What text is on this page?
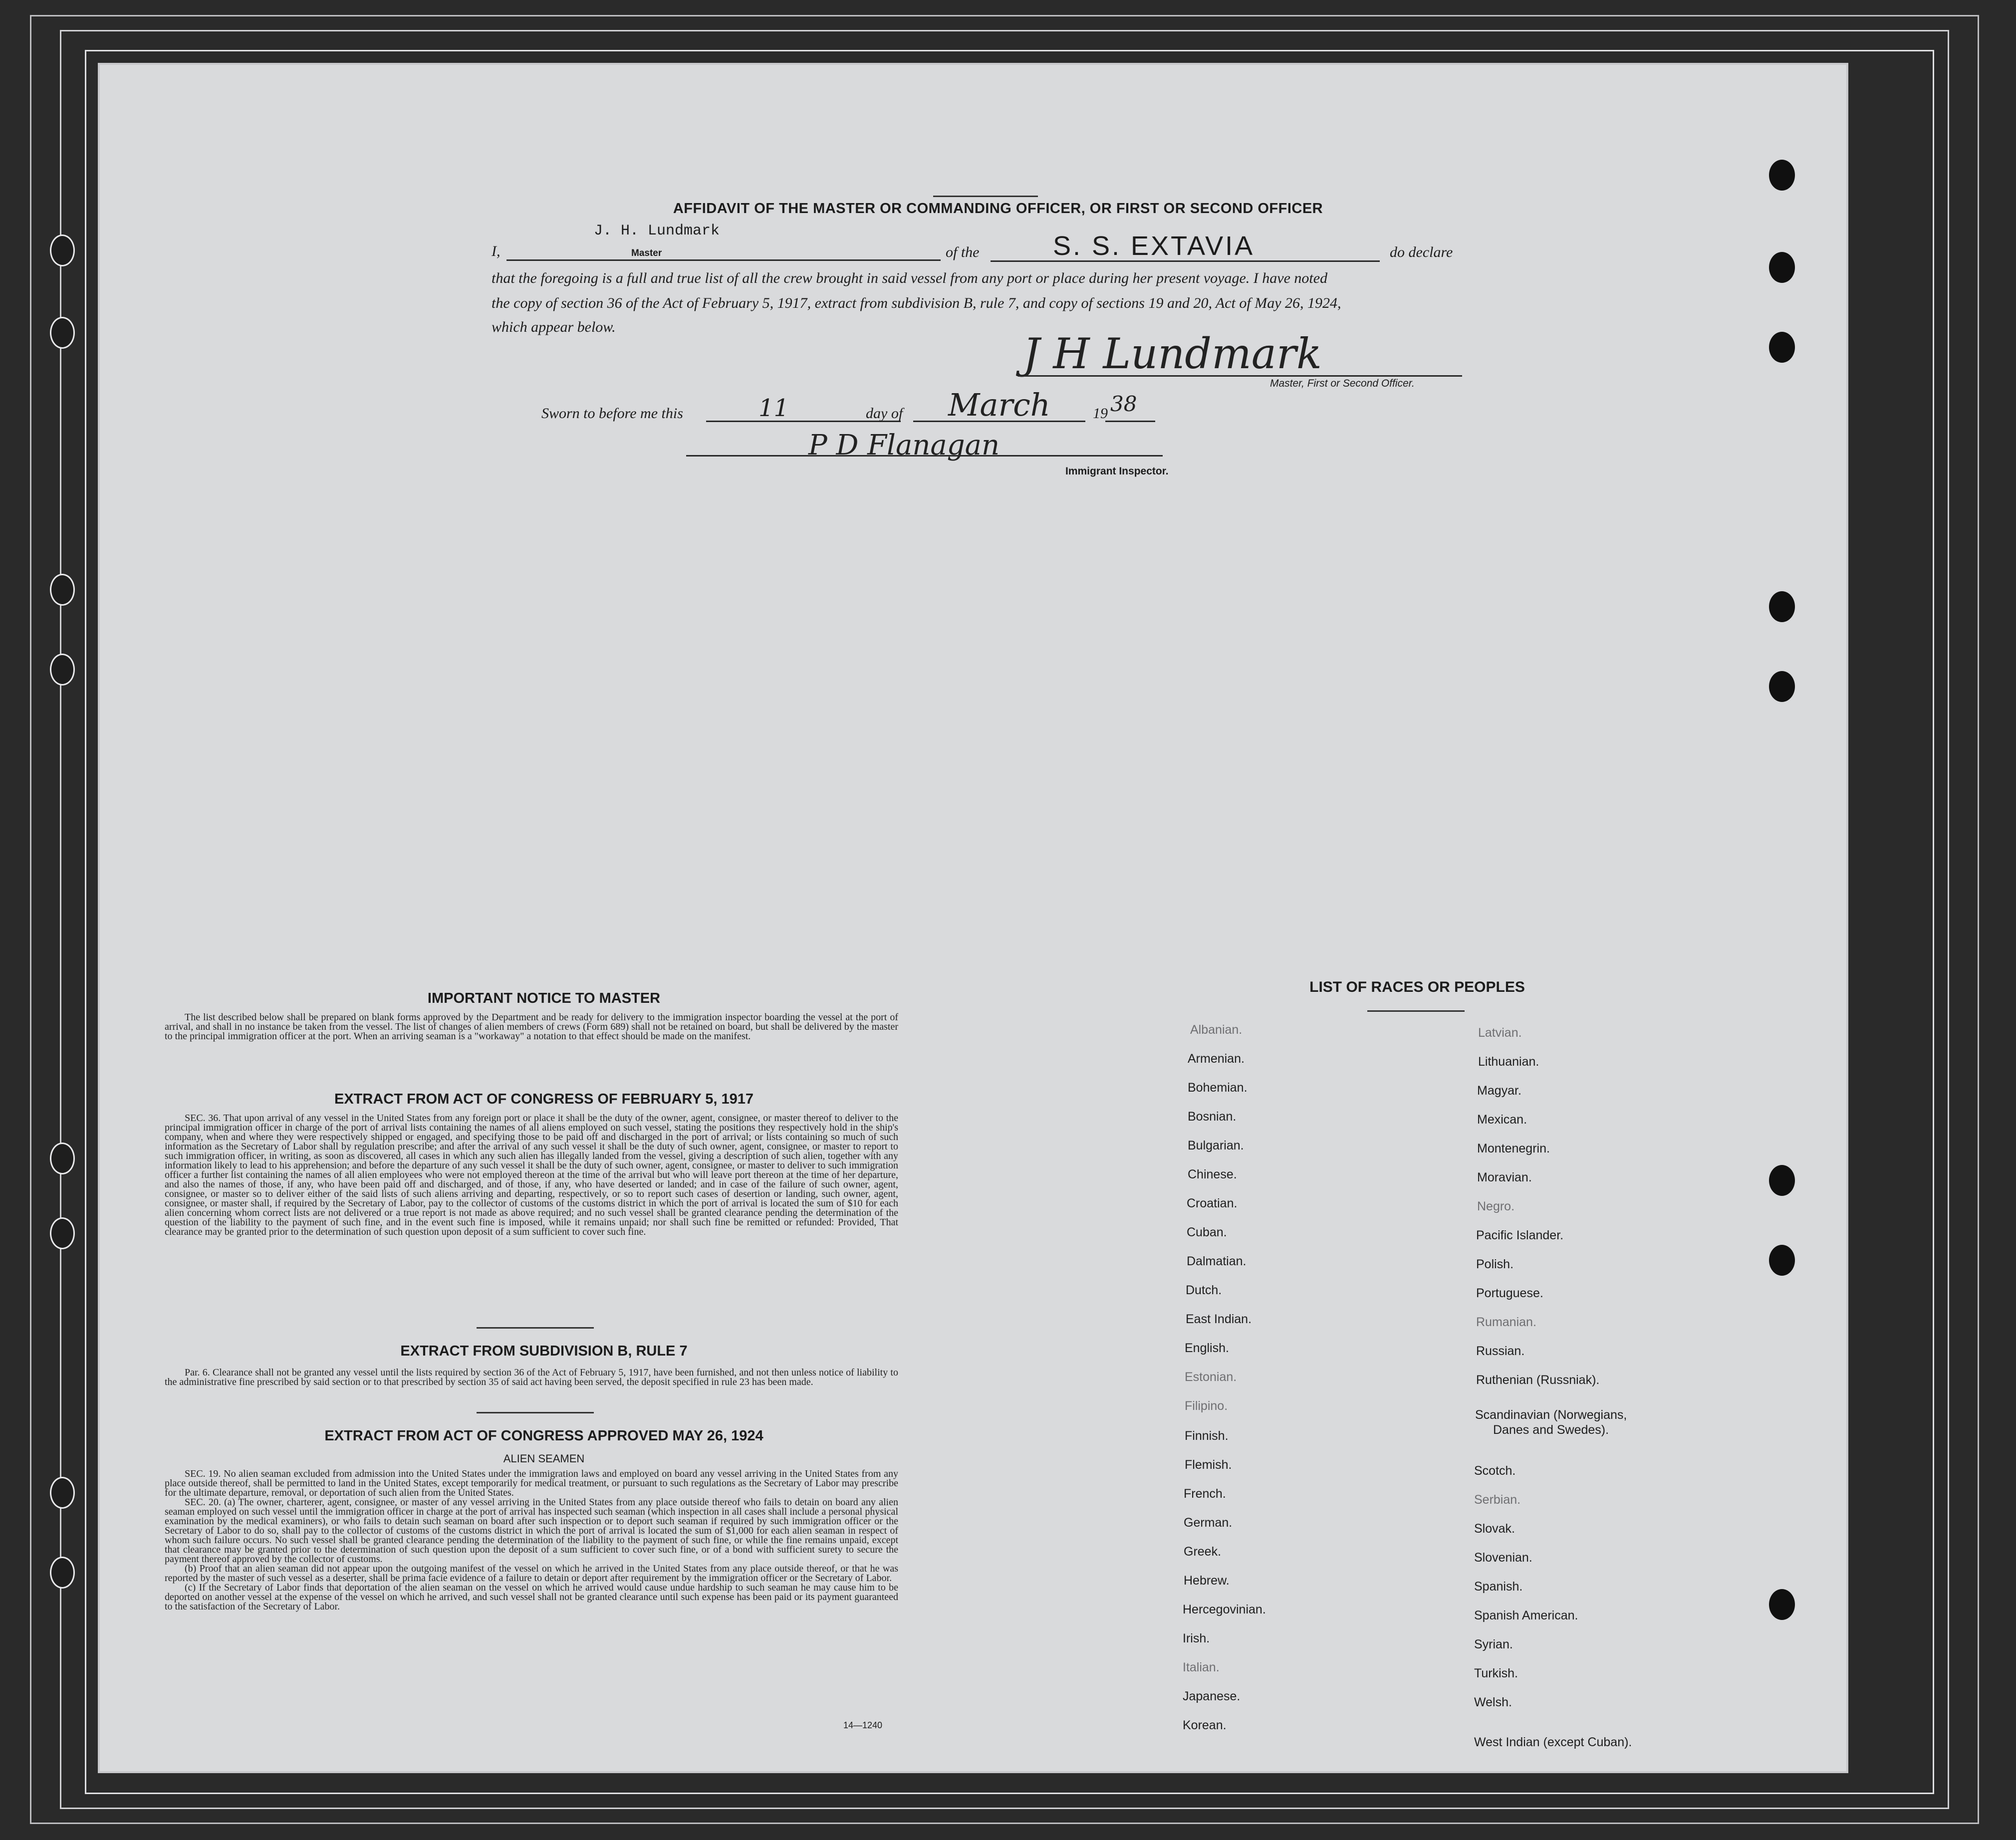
AFFIDAVIT OF THE MASTER OR COMMANDING OFFICER, OR FIRST OR SECOND OFFICER
I,
J. H. Lundmark
Master	of the	S. S. EXTAVIA	do declare
that the foregoing is a full and true list of all the crew brought in said vessel from any port or place during her present voyage. I have noted
the copy of section 36 of the Act of February 5, 1917, extract from subdivision B, rule 7, and copy of sections 19 and 20, Act of May 26, 1924,
which appear below.
J H Lundmark
Master, First or Second Officer.
Sworn to before me this	11	day of March	19 38
P D Flanagan
Immigrant Inspector.
IMPORTANT NOTICE TO MASTER

The list described below shall be prepared on blank forms approved by the Department and be ready for delivery to the immigration inspector boarding the vessel at the port of arrival, and shall in no instance be taken from the vessel. The list of changes of alien members of crews (Form 689) shall not be retained on board, but shall be delivered by the master to the principal immigration officer at the port. When an arriving seaman is a "workaway" a notation to that effect should be made on the manifest.

EXTRACT FROM ACT OF CONGRESS OF FEBRUARY 5, 1917

SEC. 36. That upon arrival of any vessel in the United States from any foreign port or place it shall be the duty of the owner, agent, consignee, or master thereof to deliver to the principal immigration officer in charge of the port of arrival lists containing the names of all aliens employed on such vessel, stating the positions they respectively hold in the ship's company, when and where they were respectively shipped or engaged, and specifying those to be paid off and discharged in the port of arrival; or lists containing so much of such information as the Secretary of Labor shall by regulation prescribe; and after the arrival of any such vessel it shall be the duty of such owner, agent, consignee, or master to report to such immigration officer, in writing, as soon as discovered, all cases in which any such alien has illegally landed from the vessel, giving a description of such alien, together with any information likely to lead to his apprehension; and before the departure of any such vessel it shall be the duty of such owner, agent, consignee, or master to deliver to such immigration officer a further list containing the names of all alien employees who were not employed thereon at the time of the arrival but who will leave port thereon at the time of her departure, and also the names of those, if any, who have been paid off and discharged, and of those, if any, who have deserted or landed; and in case of the failure of such owner, agent, consignee, or master so to deliver either of the said lists of such aliens arriving and departing, respectively, or so to report such cases of desertion or landing, such owner, agent, consignee, or master shall, if required by the Secretary of Labor, pay to the collector of customs of the customs district in which the port of arrival is located the sum of $10 for each alien concerning whom correct lists are not delivered or a true report is not made as above required; and no such vessel shall be granted clearance pending the determination of the question of the liability to the payment of such fine, and in the event such fine is imposed, while it remains unpaid; nor shall such fine be remitted or refunded: Provided, That clearance may be granted prior to the determination of such question upon deposit of a sum sufficient to cover such fine.

EXTRACT FROM SUBDIVISION B, RULE 7

Par. 6. Clearance shall not be granted any vessel until the lists required by section 36 of the Act of February 5, 1917, have been furnished, and not then unless notice of liability to the administrative fine prescribed by said section or to that prescribed by section 35 of said act having been served, the deposit specified in rule 23 has been made.

EXTRACT FROM ACT OF CONGRESS APPROVED MAY 26, 1924
ALIEN SEAMEN

SEC. 19. No alien seaman excluded from admission into the United States under the immigration laws and employed on board any vessel arriving in the United States from any place outside thereof, shall be permitted to land in the United States, except temporarily for medical treatment, or pursuant to such regulations as the Secretary of Labor may prescribe for the ultimate departure, removal, or deportation of such alien from the United States.

SEC. 20. (a) The owner, charterer, agent, consignee, or master of any vessel arriving in the United States from any place outside thereof who fails to detain on board any alien seaman employed on such vessel until the immigration officer in charge at the port of arrival has inspected such seaman (which inspection in all cases shall include a personal physical examination by the medical examiners), or who fails to detain such seaman on board after such inspection or to deport such seaman if required by such immigration officer or the Secretary of Labor to do so, shall pay to the collector of customs of the customs district in which the port of arrival is located the sum of $1,000 for each alien seaman in respect of whom such failure occurs. No such vessel shall be granted clearance pending the determination of the liability to the payment of such fine, or while the fine remains unpaid, except that clearance may be granted prior to the determination of such question upon the deposit of a sum sufficient to cover such fine, or of a bond with sufficient surety to secure the payment thereof approved by the collector of customs.

(b) Proof that an alien seaman did not appear upon the outgoing manifest of the vessel on which he arrived in the United States from any place outside thereof, or that he was reported by the master of such vessel as a deserter, shall be prima facie evidence of a failure to detain or deport after requirement by the immigration officer or the Secretary of Labor.

(c) If the Secretary of Labor finds that deportation of the alien seaman on the vessel on which he arrived would cause undue hardship to such seaman he may cause him to be deported on another vessel at the expense of the vessel on which he arrived, and such vessel shall not be granted clearance until such expense has been paid or its payment guaranteed to the satisfaction of the Secretary of Labor.

14—1240
LIST OF RACES OR PEOPLES
Albanian.
Armenian.
Bohemian.
Bosnian.
Bulgarian.
Chinese.
Croatian.
Cuban.
Dalmatian.
Dutch.
East Indian.
English.
Estonian.
Filipino.
Finnish.
Flemish.
French.
German.
Greek.
Hebrew.
Hercegovinian.
Irish.
Italian.
Japanese.
Korean.
Latvian.
Lithuanian.
Magyar.
Mexican.
Montenegrin.
Moravian.
Negro.
Pacific Islander.
Polish.
Portuguese.
Rumanian.
Russian.
Ruthenian (Russniak).
Scandinavian (Norwegians,
Danes and Swedes).
Scotch.
Serbian.
Slovak.
Slovenian.
Spanish.
Spanish American.
Syrian.
Turkish.
Welsh.
West Indian (except Cuban).
